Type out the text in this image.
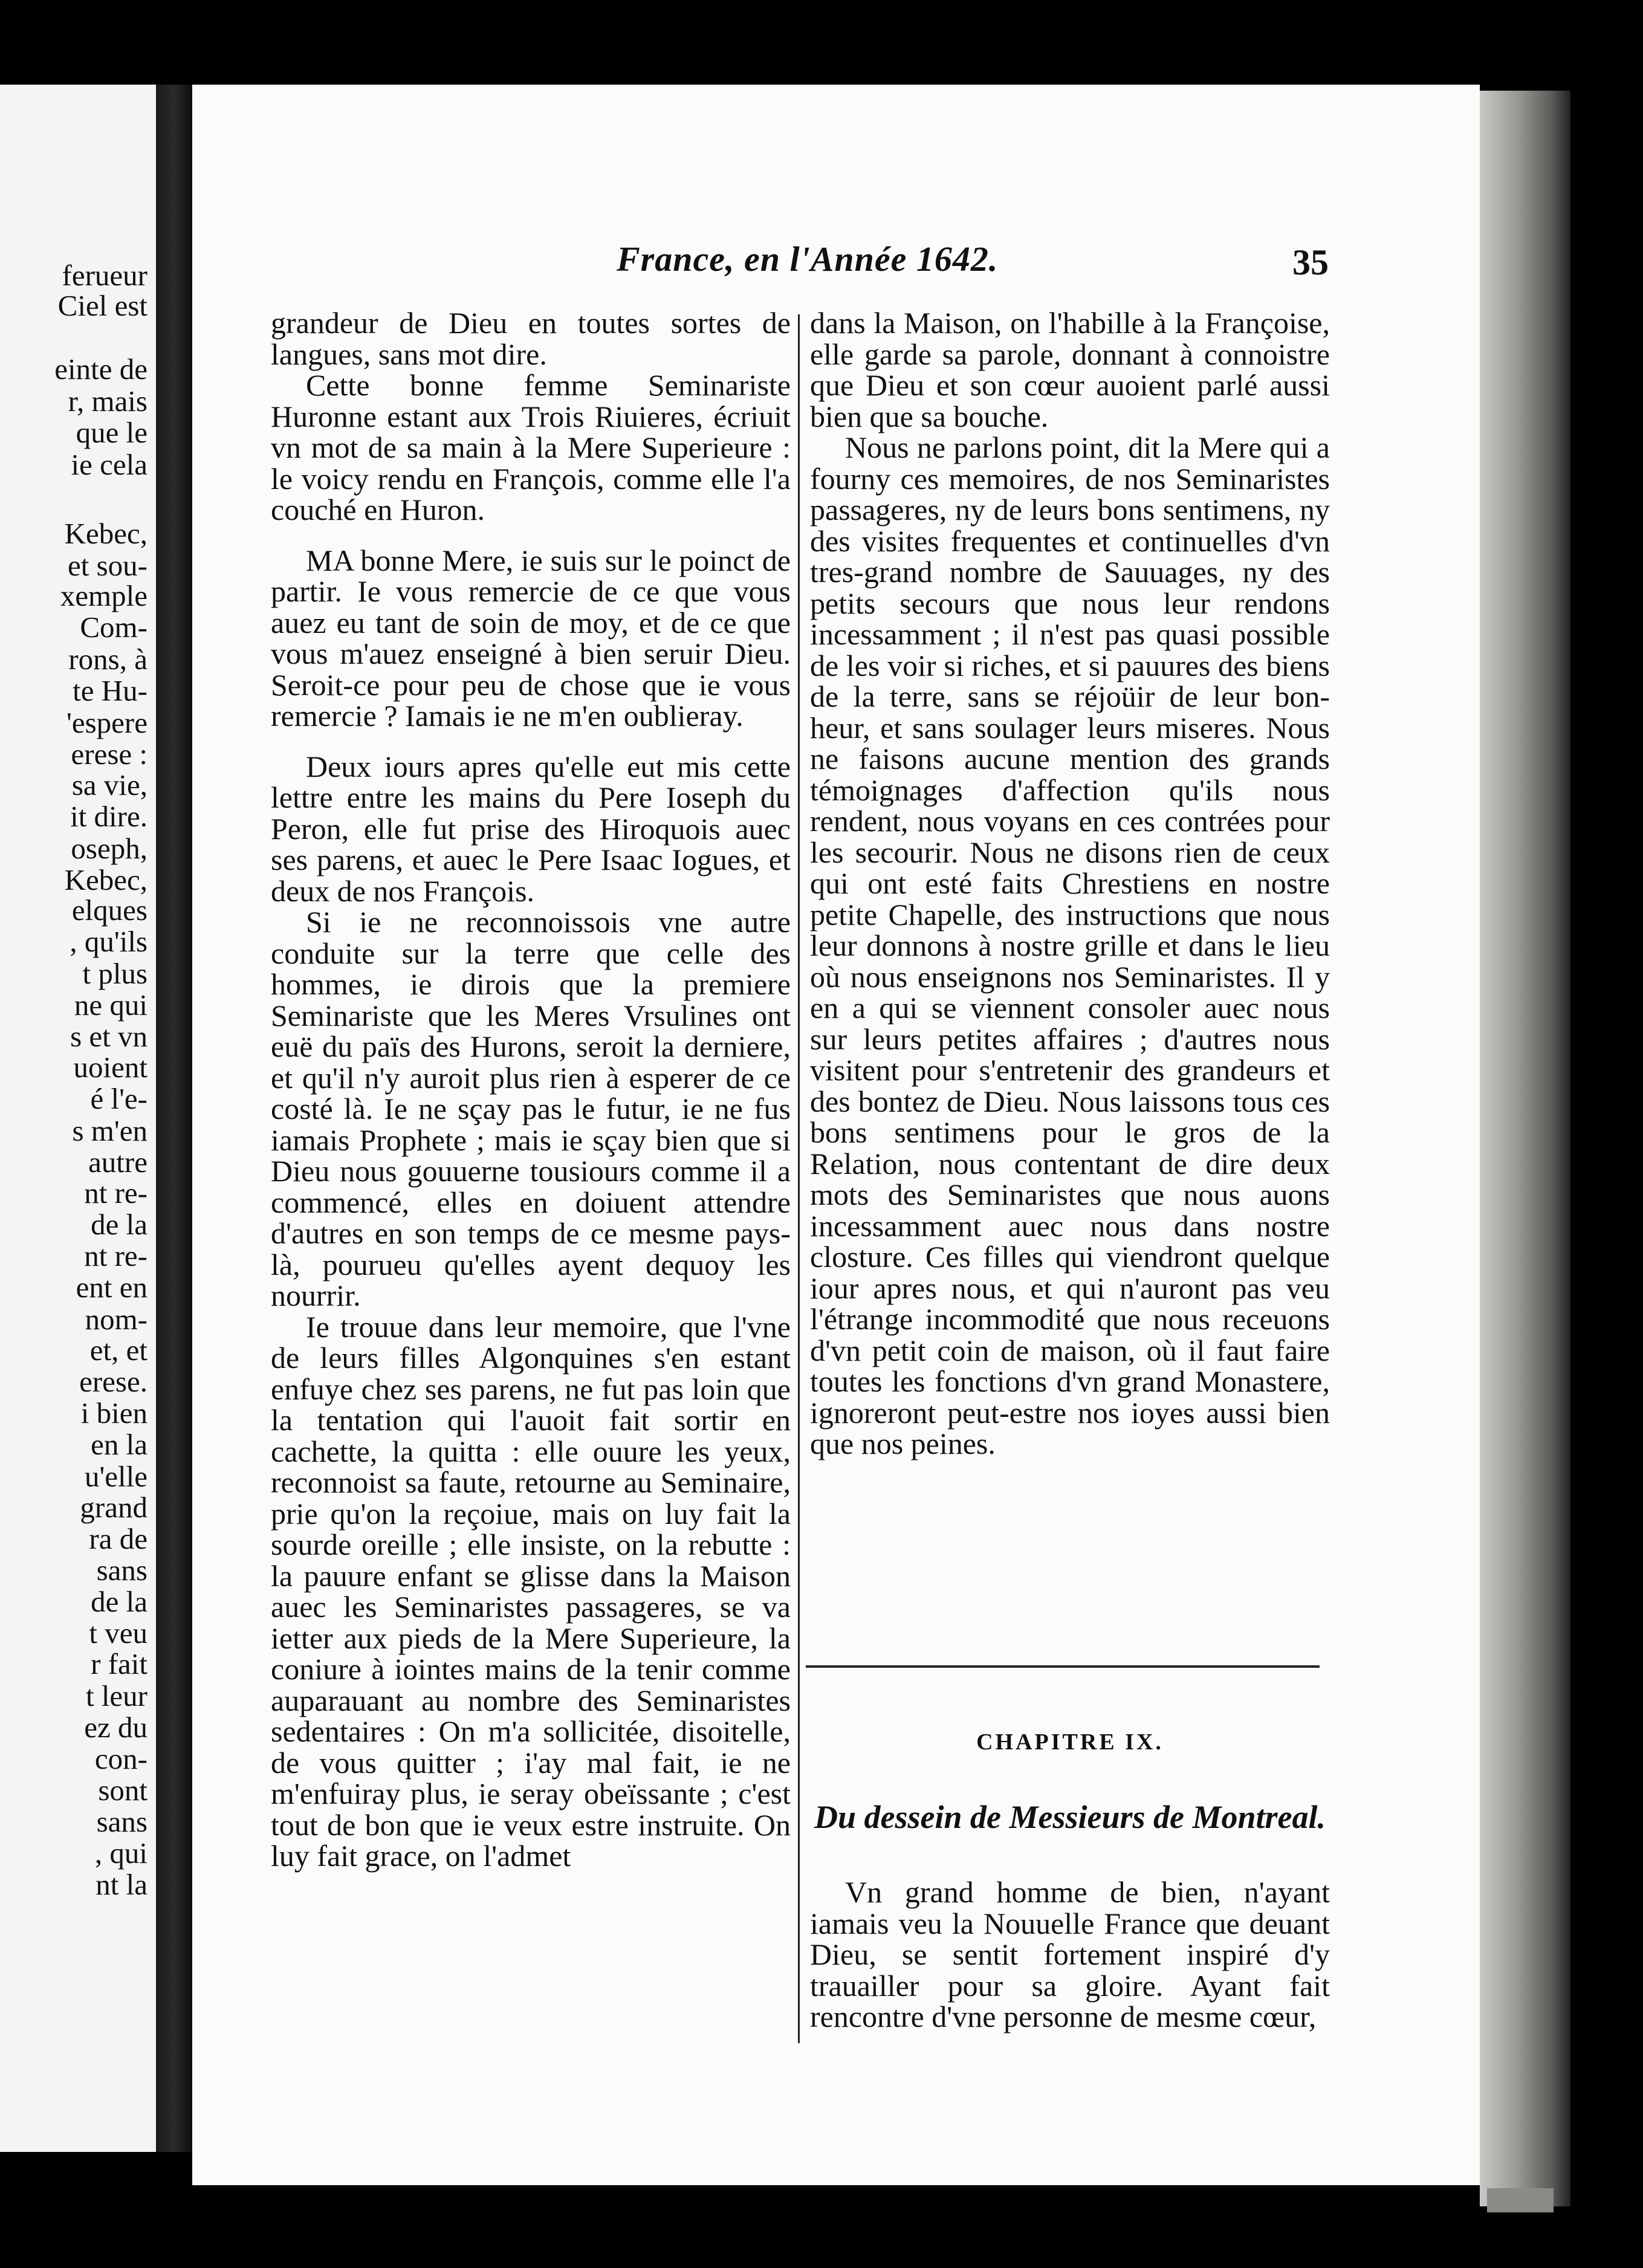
ferueur
Ciel est
einte de
r, mais
que le
ie cela
Kebec,
et sou-
xemple
Com-
rons, à
te Hu-
'espere
erese :
sa vie,
it dire.
oseph,
Kebec,
elques
, qu'ils
t plus
ne qui
s et vn
uoient
é l'e-
s m'en
autre
nt re-
de la
nt re-
ent en
nom-
et, et
erese.
i bien
en la
u'elle
grand
ra de
sans
de la
t veu
r fait
t leur
ez du
con-
sont
sans
, qui
nt la
France, en l'Année 1642.	35

grandeur de Dieu en toutes sortes de langues, sans mot dire.

Cette bonne femme Seminariste Huronne estant aux Trois Riuieres, écriuit vn mot de sa main à la Mere Superieure : le voicy rendu en François, comme elle l'a couché en Huron.

MA bonne Mere, ie suis sur le poinct de partir. Ie vous remercie de ce que vous auez eu tant de soin de moy, et de ce que vous m'auez enseigné à bien seruir Dieu. Seroit-ce pour peu de chose que ie vous remercie ? Iamais ie ne m'en oublieray.

Deux iours apres qu'elle eut mis cette lettre entre les mains du Pere Ioseph du Peron, elle fut prise des Hiroquois auec ses parens, et auec le Pere Isaac Iogues, et deux de nos François.

Si ie ne reconnoissois vne autre conduite sur la terre que celle des hommes, ie dirois que la premiere Seminariste que les Meres Vrsulines ont euë du païs des Hurons, seroit la derniere, et qu'il n'y auroit plus rien à esperer de ce costé là. Ie ne sçay pas le futur, ie ne fus iamais Prophete ; mais ie sçay bien que si Dieu nous gouuerne tousiours comme il a commencé, elles en doiuent attendre d'autres en son temps de ce mesme pays-là, pourueu qu'elles ayent dequoy les nourrir.

Ie trouue dans leur memoire, que l'vne de leurs filles Algonquines s'en estant enfuye chez ses parens, ne fut pas loin que la tentation qui l'auoit fait sortir en cachette, la quitta : elle ouure les yeux, reconnoist sa faute, retourne au Seminaire, prie qu'on la reçoiue, mais on luy fait la sourde oreille ; elle insiste, on la rebutte : la pauure enfant se glisse dans la Maison auec les Seminaristes passageres, se va ietter aux pieds de la Mere Superieure, la coniure à iointes mains de la tenir comme auparauant au nombre des Seminaristes sedentaires : On m'a sollicitée, disoitelle, de vous quitter ; i'ay mal fait, ie ne m'enfuiray plus, ie seray obeïssante ; c'est tout de bon que ie veux estre instruite. On luy fait grace, on l'admet

dans la Maison, on l'habille à la Françoise, elle garde sa parole, donnant à connoistre que Dieu et son cœur auoient parlé aussi bien que sa bouche.

Nous ne parlons point, dit la Mere qui a fourny ces memoires, de nos Seminaristes passageres, ny de leurs bons sentimens, ny des visites frequentes et continuelles d'vn tres-grand nombre de Sauuages, ny des petits secours que nous leur rendons incessamment ; il n'est pas quasi possible de les voir si riches, et si pauures des biens de la terre, sans se réjoüir de leur bon-heur, et sans soulager leurs miseres. Nous ne faisons aucune mention des grands témoignages d'affection qu'ils nous rendent, nous voyans en ces contrées pour les secourir. Nous ne disons rien de ceux qui ont esté faits Chrestiens en nostre petite Chapelle, des instructions que nous leur donnons à nostre grille et dans le lieu où nous enseignons nos Seminaristes. Il y en a qui se viennent consoler auec nous sur leurs petites affaires ; d'autres nous visitent pour s'entretenir des grandeurs et des bontez de Dieu. Nous laissons tous ces bons sentimens pour le gros de la Relation, nous contentant de dire deux mots des Seminaristes que nous auons incessamment auec nous dans nostre closture. Ces filles qui viendront quelque iour apres nous, et qui n'auront pas veu l'étrange incommodité que nous receuons d'vn petit coin de maison, où il faut faire toutes les fonctions d'vn grand Monastere, ignoreront peut-estre nos ioyes aussi bien que nos peines.

CHAPITRE IX.
Du dessein de Messieurs de Montreal.

Vn grand homme de bien, n'ayant iamais veu la Nouuelle France que deuant Dieu, se sentit fortement inspiré d'y trauailler pour sa gloire. Ayant fait rencontre d'vne personne de mesme cœur,
